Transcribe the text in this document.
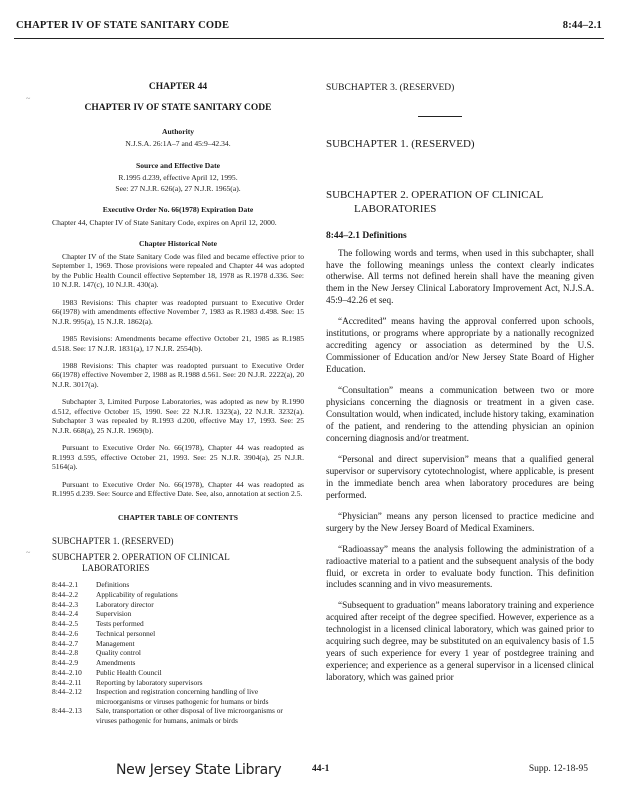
CHAPTER IV OF STATE SANITARY CODE	8:44–2.1
~
~
CHAPTER 44
CHAPTER IV OF STATE SANITARY CODE
Authority
N.J.S.A. 26:1A–7 and 45:9–42.34.
Source and Effective Date
R.1995 d.239, effective April 12, 1995.
See: 27 N.J.R. 626(a), 27 N.J.R. 1965(a).
Executive Order No. 66(1978) Expiration Date
Chapter 44, Chapter IV of State Sanitary Code, expires on April 12, 2000.
Chapter Historical Note
Chapter IV of the State Sanitary Code was filed and became effective prior to September 1, 1969. Those provisions were repealed and Chapter 44 was adopted by the Public Health Council effective September 18, 1978 as R.1978 d.336. See: 10 N.J.R. 147(c), 10 N.J.R. 430(a).
1983 Revisions: This chapter was readopted pursuant to Executive Order 66(1978) with amendments effective November 7, 1983 as R.1983 d.498. See: 15 N.J.R. 995(a), 15 N.J.R. 1862(a).
1985 Revisions: Amendments became effective October 21, 1985 as R.1985 d.518. See: 17 N.J.R. 1831(a), 17 N.J.R. 2554(b).
1988 Revisions: This chapter was readopted pursuant to Executive Order 66(1978) effective November 2, 1988 as R.1988 d.561. See: 20 N.J.R. 2222(a), 20 N.J.R. 3017(a).
Subchapter 3, Limited Purpose Laboratories, was adopted as new by R.1990 d.512, effective October 15, 1990. See: 22 N.J.R. 1323(a), 22 N.J.R. 3232(a). Subchapter 3 was repealed by R.1993 d.200, effective May 17, 1993. See: 25 N.J.R. 668(a), 25 N.J.R. 1969(b).
Pursuant to Executive Order No. 66(1978), Chapter 44 was readopted as R.1993 d.595, effective October 21, 1993. See: 25 N.J.R. 3904(a), 25 N.J.R. 5164(a).
Pursuant to Executive Order No. 66(1978), Chapter 44 was readopted as R.1995 d.239. See: Source and Effective Date. See, also, annotation at section 2.5.
CHAPTER TABLE OF CONTENTS
SUBCHAPTER 1. (RESERVED)
SUBCHAPTER 2. OPERATION OF CLINICAL
LABORATORIES
8:44–2.1	Definitions
8:44–2.2	Applicability of regulations
8:44–2.3	Laboratory director
8:44–2.4	Supervision
8:44–2.5	Tests performed
8:44–2.6	Technical personnel
8:44–2.7	Management
8:44–2.8	Quality control
8:44–2.9	Amendments
8:44–2.10	Public Health Council
8:44–2.11	Reporting by laboratory supervisors
8:44–2.12	Inspection and registration concerning handling of live microorganisms or viruses pathogenic for humans or birds
8:44–2.13	Sale, transportation or other disposal of live microorganisms or viruses pathogenic for humans, animals or birds
SUBCHAPTER 3. (RESERVED)
SUBCHAPTER 1. (RESERVED)
SUBCHAPTER 2. OPERATION OF CLINICAL
LABORATORIES
8:44–2.1 Definitions
The following words and terms, when used in this subchapter, shall have the following meanings unless the context clearly indicates otherwise. All terms not defined herein shall have the meaning given them in the New Jersey Clinical Laboratory Improvement Act, N.J.S.A. 45:9–42.26 et seq.
“Accredited” means having the approval conferred upon schools, institutions, or programs where appropriate by a nationally recognized accrediting agency or association as determined by the U.S. Commissioner of Education and/or New Jersey State Board of Higher Education.
“Consultation” means a communication between two or more physicians concerning the diagnosis or treatment in a given case. Consultation would, when indicated, include history taking, examination of the patient, and rendering to the attending physician an opinion concerning diagnosis and/or treatment.
“Personal and direct supervision” means that a qualified general supervisor or supervisory cytotechnologist, where applicable, is present in the immediate bench area when laboratory procedures are being performed.
“Physician” means any person licensed to practice medicine and surgery by the New Jersey Board of Medical Examiners.
“Radioassay” means the analysis following the administration of a radioactive material to a patient and the subsequent analysis of the body fluid, or excreta in order to evaluate body function. This definition includes scanning and in vivo measurements.
“Subsequent to graduation” means laboratory training and experience acquired after receipt of the degree specified. However, experience as a technologist in a licensed clinical laboratory, which was gained prior to acquiring such degree, may be substituted on an equivalency basis of 1.5 years of such experience for every 1 year of postdegree training and experience; and experience as a general supervisor in a licensed clinical laboratory, which was gained prior
New Jersey State Library	44-1	Supp. 12-18-95
